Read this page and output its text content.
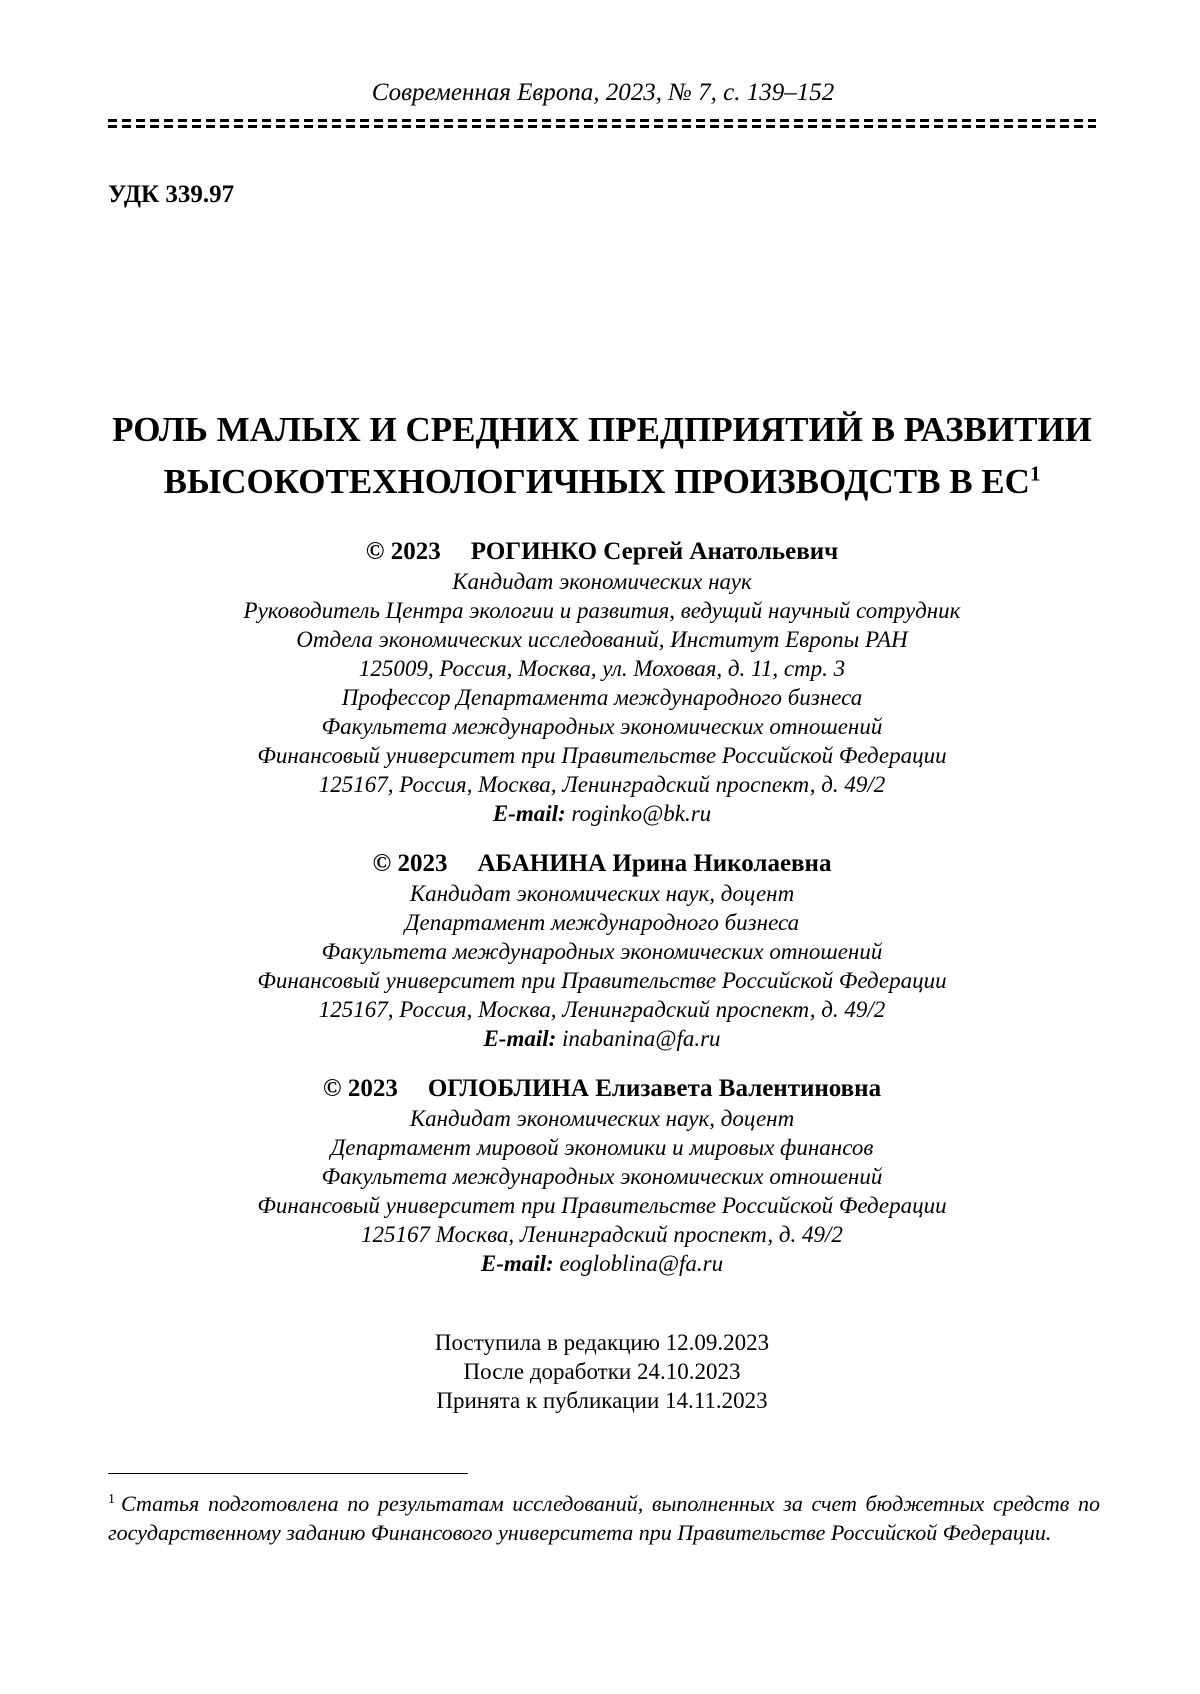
Современная Европа, 2023, № 7, с. 139–152
УДК 339.97
РОЛЬ МАЛЫХ И СРЕДНИХ ПРЕДПРИЯТИЙ В РАЗВИТИИ
ВЫСОКОТЕХНОЛОГИЧНЫХ ПРОИЗВОДСТВ В $ЕС^1$
© 2023 РОГИНКО Сергей Анатольевич
Кандидат экономических наук
Руководитель Центра экологии и развития, ведущий научный сотрудник
Отдела экономических исследований, Институт Европы РАН
125009, Россия, Москва, ул. Моховая, д. 11, стр. 3
Профессор Департамента международного бизнеса
Факультета международных экономических отношений
Финансовый университет при Правительстве Российской Федерации
125167, Россия, Москва, Ленинградский проспект, д. 49/2
E-mail: roginko@bk.ru
© 2023 АБАНИНА Ирина Николаевна
Кандидат экономических наук, доцент
Департамент международного бизнеса
Факультета международных экономических отношений
Финансовый университет при Правительстве Российской Федерации
125167, Россия, Москва, Ленинградский проспект, д. 49/2
E-mail: inabanina@fa.ru
© 2023 ОГЛОБЛИНА Елизавета Валентиновна
Кандидат экономических наук, доцент
Департамент мировой экономики и мировых финансов
Факультета международных экономических отношений
Финансовый университет при Правительстве Российской Федерации
125167 Москва, Ленинградский проспект, д. 49/2
E-mail: eogloblina@fa.ru
Поступила в редакцию 12.09.2023
После доработки 24.10.2023
Принята к публикации 14.11.2023
$^1$ Статья подготовлена по результатам исследований, выполненных за счет бюджетных средств по государственному заданию Финансового университета при Правительстве Российской Федерации.
